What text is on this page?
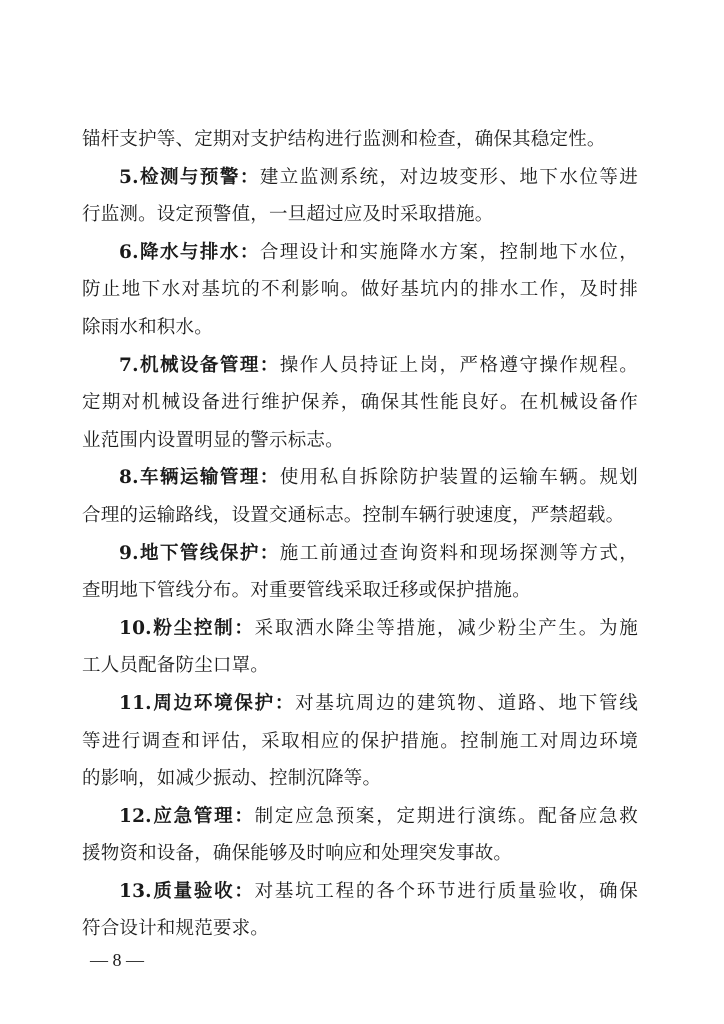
锚杆支护等、定期对支护结构进行监测和检查，确保其稳定性。
5.检测与预警：建立监测系统，对边坡变形、地下水位等进
行监测。设定预警值，一旦超过应及时采取措施。
6.降水与排水：合理设计和实施降水方案，控制地下水位，
防止地下水对基坑的不利影响。做好基坑内的排水工作，及时排
除雨水和积水。
7.机械设备管理：操作人员持证上岗，严格遵守操作规程。
定期对机械设备进行维护保养，确保其性能良好。在机械设备作
业范围内设置明显的警示标志。
8.车辆运输管理：使用私自拆除防护装置的运输车辆。规划
合理的运输路线，设置交通标志。控制车辆行驶速度，严禁超载。
9.地下管线保护：施工前通过查询资料和现场探测等方式，
查明地下管线分布。对重要管线采取迁移或保护措施。
10.粉尘控制：采取洒水降尘等措施，减少粉尘产生。为施
工人员配备防尘口罩。
11.周边环境保护：对基坑周边的建筑物、道路、地下管线
等进行调查和评估，采取相应的保护措施。控制施工对周边环境
的影响，如减少振动、控制沉降等。
12.应急管理：制定应急预案，定期进行演练。配备应急救
援物资和设备，确保能够及时响应和处理突发事故。
13.质量验收：对基坑工程的各个环节进行质量验收，确保
符合设计和规范要求。
— 8 —
